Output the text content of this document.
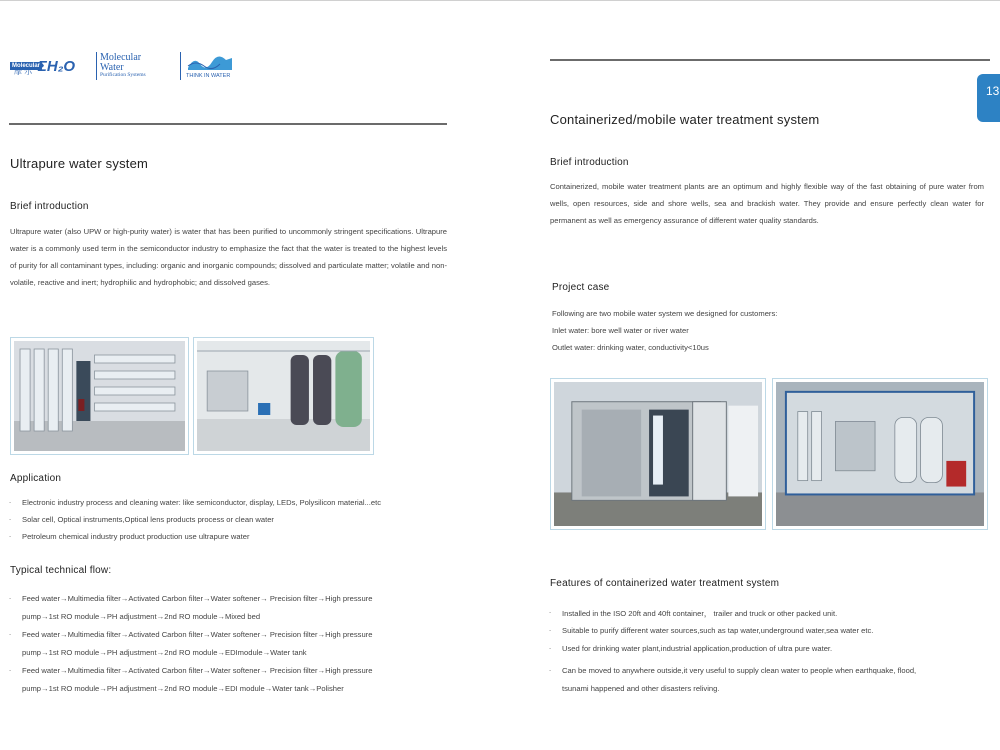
Molecular
摩 尔 ΣH₂O
Molecular
Water
Purification Systems	THINK IN WATER
13
Ultrapure water system
Brief introduction
Ultrapure water (also UPW or high-purity water) is water that has been purified to uncommonly stringent specifications. Ultrapure water is a commonly used term in the semiconductor industry to emphasize the fact that the water is treated to the highest levels of purity for all contaminant types, including: organic and inorganic compounds; dissolved and particulate matter; volatile and non-volatile, reactive and inert; hydrophilic and hydrophobic; and dissolved gases.
Application
. Electronic industry process and cleaning water: like semiconductor, display, LEDs, Polysilicon material...etc
. Solar cell, Optical instruments,Optical lens products process or clean water
. Petroleum chemical industry product production use ultrapure water
Typical technical flow:
. Feed water→Multimedia filter→Activated Carbon filter→Water softener→ Precision filter→High pressure
pump→1st RO module→PH adjustment→2nd RO module→Mixed bed
. Feed water→Multimedia filter→Activated Carbon filter→Water softener→ Precision filter→High pressure
pump→1st RO module→PH adjustment→2nd RO module→EDImodule→Water tank
. Feed water→Multimedia filter→Activated Carbon filter→Water softener→ Precision filter→High pressure
pump→1st RO module→PH adjustment→2nd RO module→EDI module→Water tank→Polisher
Containerized/mobile water treatment system
Brief introduction
Containerized, mobile water treatment plants are an optimum and highly flexible way of the fast obtaining of pure water from wells, open resources, side and shore wells, sea and brackish water. They provide and ensure perfectly clean water for permanent as well as emergency assurance of different water quality standards.
Project case
Following are two mobile water system we designed for customers:
Inlet water: bore well water or river water
Outlet water: drinking water, conductivity<10us
Features of containerized water treatment system
. Installed in the ISO 20ft and 40ft container， trailer and truck or other packed unit.
. Suitable to purify different water sources,such as tap water,underground water,sea water etc.
. Used for drinking water plant,industrial application,production of ultra pure water.
. Can be moved to anywhere outside,it very useful to supply clean water to people when earthquake, flood,
tsunami happened and other disasters reliving.
